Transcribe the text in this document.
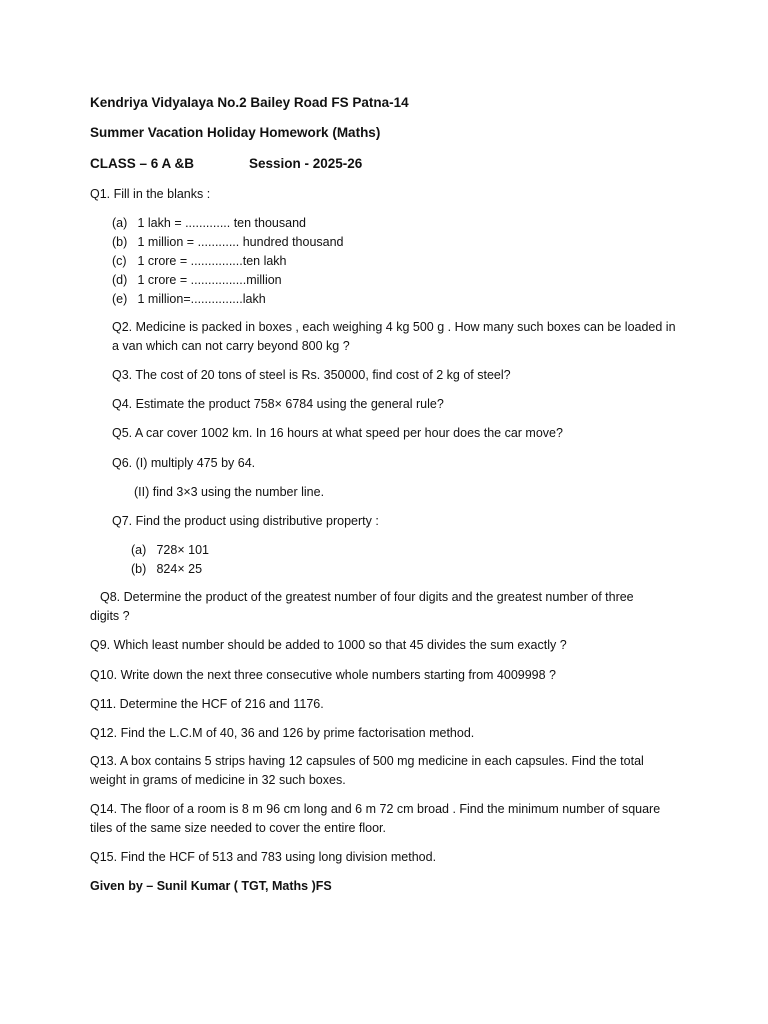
Kendriya Vidyalaya No.2 Bailey Road FS Patna-14
Summer Vacation Holiday Homework (Maths)
CLASS – 6 A &B	Session - 2025-26
Q1. Fill in the blanks :
(a) 1 lakh = ............. ten thousand
(b) 1 million = ............ hundred thousand
(c) 1 crore = ...............ten lakh
(d) 1 crore = ................million
(e) 1 million=...............lakh
Q2. Medicine is packed in boxes , each weighing 4 kg 500 g . How many such boxes can be loaded in
a van which can not carry beyond 800 kg ?
Q3. The cost of 20 tons of steel is Rs. 350000, find cost of 2 kg of steel?
Q4. Estimate the product 758× 6784 using the general rule?
Q5. A car cover 1002 km. In 16 hours at what speed per hour does the car move?
Q6. (I) multiply 475 by 64.
(II) find 3×3 using the number line.
Q7. Find the product using distributive property :
(a) 728× 101
(b) 824× 25
Q8. Determine the product of the greatest number of four digits and the greatest number of three
digits ?
Q9. Which least number should be added to 1000 so that 45 divides the sum exactly ?
Q10. Write down the next three consecutive whole numbers starting from 4009998 ?
Q11. Determine the HCF of 216 and 1176.
Q12. Find the L.C.M of 40, 36 and 126 by prime factorisation method.
Q13. A box contains 5 strips having 12 capsules of 500 mg medicine in each capsules. Find the total
weight in grams of medicine in 32 such boxes.
Q14. The floor of a room is 8 m 96 cm long and 6 m 72 cm broad . Find the minimum number of square
tiles of the same size needed to cover the entire floor.
Q15. Find the HCF of 513 and 783 using long division method.
Given by – Sunil Kumar ( TGT, Maths )FS
